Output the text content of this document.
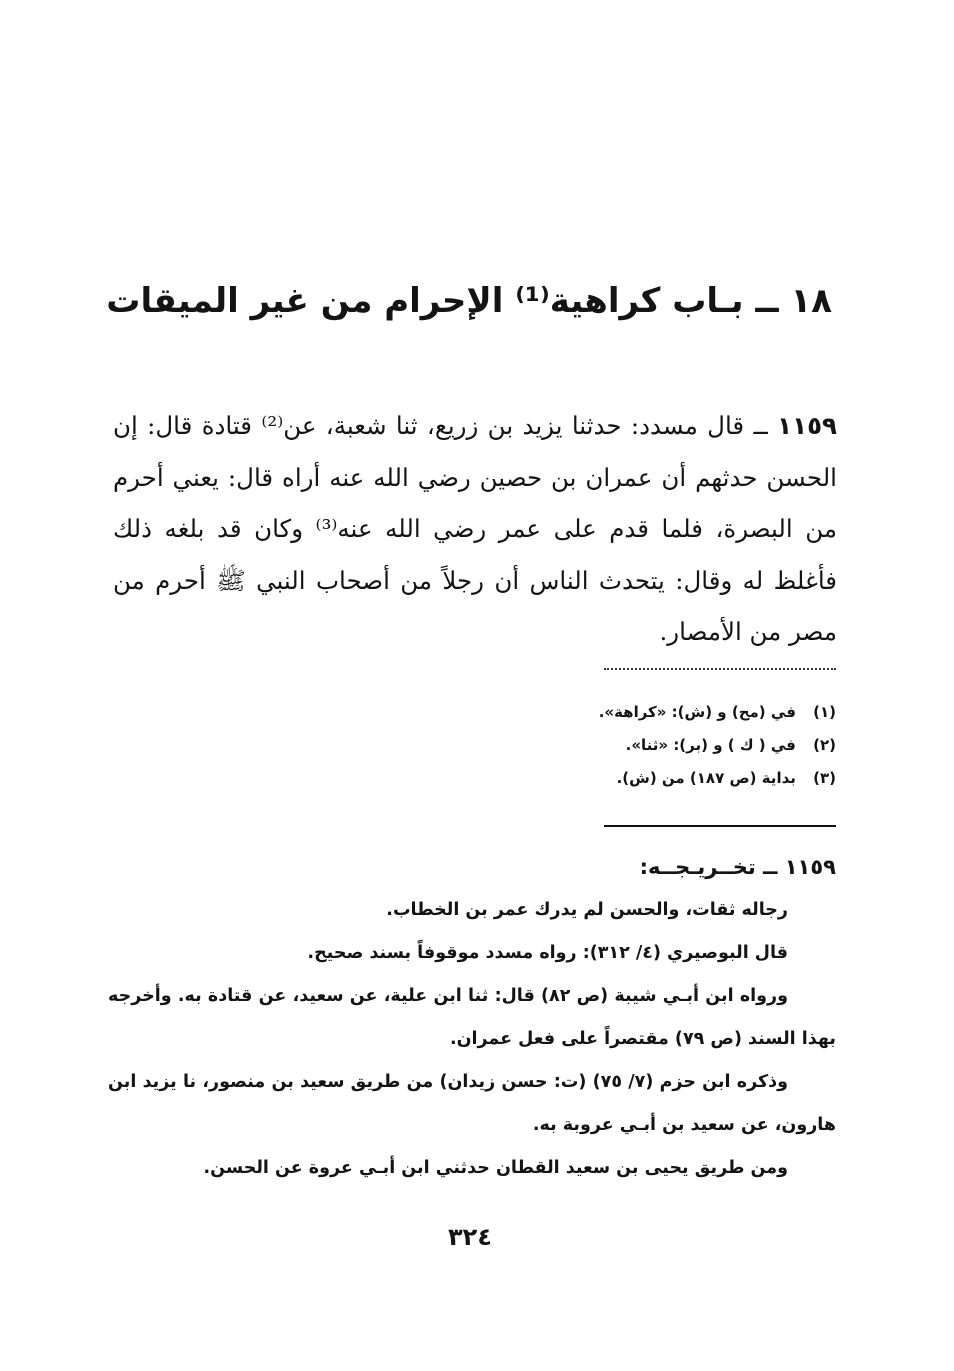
١٨ ــ بـاب كراهية⁽¹⁾ الإحرام من غير الميقات
١١٥٩ ــ قال مسدد: حدثنا يزيد بن زريع، ثنا شعبة، عن⁽²⁾ قتادة قال: إن الحسن حدثهم أن عمران بن حصين رضي الله عنه أراه قال: يعني أحرم من البصرة، فلما قدم على عمر رضي الله عنه⁽³⁾ وكان قد بلغه ذلك فأغلظ له وقال: يتحدث الناس أن رجلاً من أصحاب النبي ﷺ أحرم من مصر من الأمصار.
(١) في (مح) و (ش): «كراهة».
(٢) في ( ك ) و (بر): «ثنا».
(٣) بداية (ص ١٨٧) من (ش).
١١٥٩ ــ تخــريـجــه:

رجاله ثقات، والحسن لم يدرك عمر بن الخطاب.

قال البوصيري (٤/ ٣١٢): رواه مسدد موقوفاً بسند صحيح.

ورواه ابن أبـي شيبة (ص ٨٢) قال: ثنا ابن علية، عن سعيد، عن قتادة به. وأخرجه بهذا السند (ص ٧٩) مقتصراً على فعل عمران.

وذكره ابن حزم (٧/ ٧٥) (ت: حسن زيدان) من طريق سعيد بن منصور، نا يزيد ابن هارون، عن سعيد بن أبـي عروبة به.

ومن طريق يحيى بن سعيد القطان حدثني ابن أبـي عروة عن الحسن.

٣٢٤
